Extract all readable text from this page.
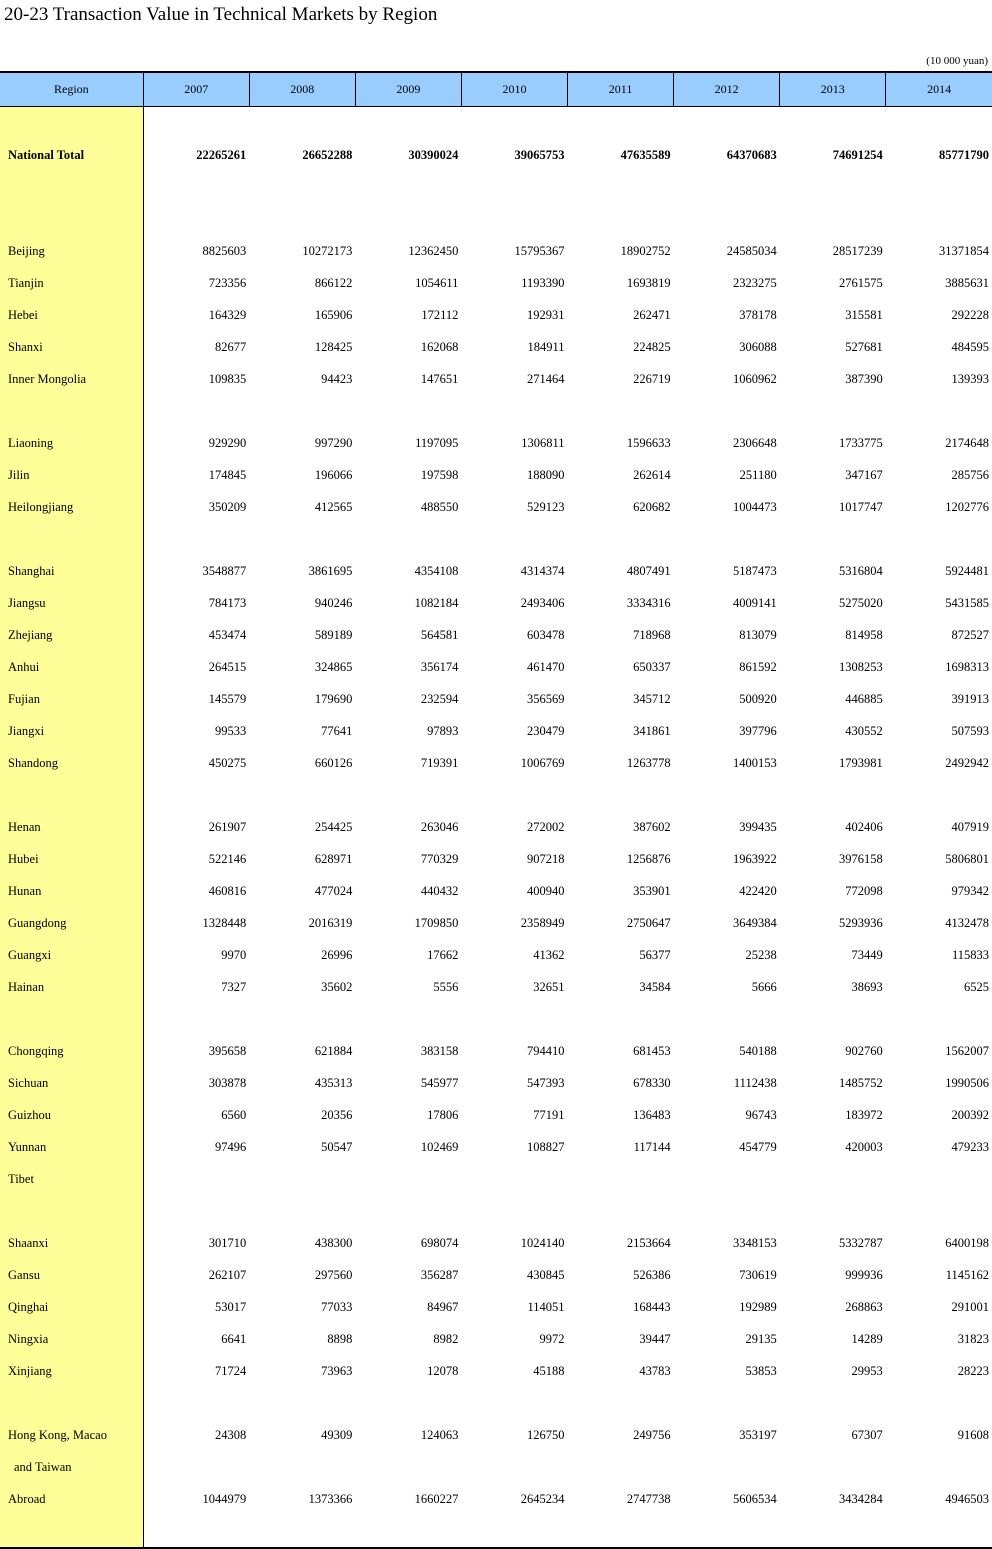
20-23 Transaction Value in Technical Markets by Region
(10 000 yuan)
Region	2007	2008	2009	2010	2011	2012	2013	2014

National Total	22265261	26652288	30390024	39065753	47635589	64370683	74691254	85771790

Beijing	8825603	10272173	12362450	15795367	18902752	24585034	28517239	31371854
Tianjin	723356	866122	1054611	1193390	1693819	2323275	2761575	3885631
Hebei	164329	165906	172112	192931	262471	378178	315581	292228
Shanxi	82677	128425	162068	184911	224825	306088	527681	484595
Inner Mongolia	109835	94423	147651	271464	226719	1060962	387390	139393

Liaoning	929290	997290	1197095	1306811	1596633	2306648	1733775	2174648
Jilin	174845	196066	197598	188090	262614	251180	347167	285756
Heilongjiang	350209	412565	488550	529123	620682	1004473	1017747	1202776

Shanghai	3548877	3861695	4354108	4314374	4807491	5187473	5316804	5924481
Jiangsu	784173	940246	1082184	2493406	3334316	4009141	5275020	5431585
Zhejiang	453474	589189	564581	603478	718968	813079	814958	872527
Anhui	264515	324865	356174	461470	650337	861592	1308253	1698313
Fujian	145579	179690	232594	356569	345712	500920	446885	391913
Jiangxi	99533	77641	97893	230479	341861	397796	430552	507593
Shandong	450275	660126	719391	1006769	1263778	1400153	1793981	2492942

Henan	261907	254425	263046	272002	387602	399435	402406	407919
Hubei	522146	628971	770329	907218	1256876	1963922	3976158	5806801
Hunan	460816	477024	440432	400940	353901	422420	772098	979342
Guangdong	1328448	2016319	1709850	2358949	2750647	3649384	5293936	4132478
Guangxi	9970	26996	17662	41362	56377	25238	73449	115833
Hainan	7327	35602	5556	32651	34584	5666	38693	6525

Chongqing	395658	621884	383158	794410	681453	540188	902760	1562007
Sichuan	303878	435313	545977	547393	678330	1112438	1485752	1990506
Guizhou	6560	20356	17806	77191	136483	96743	183972	200392
Yunnan	97496	50547	102469	108827	117144	454779	420003	479233
Tibet								

Shaanxi	301710	438300	698074	1024140	2153664	3348153	5332787	6400198
Gansu	262107	297560	356287	430845	526386	730619	999936	1145162
Qinghai	53017	77033	84967	114051	168443	192989	268863	291001
Ningxia	6641	8898	8982	9972	39447	29135	14289	31823
Xinjiang	71724	73963	12078	45188	43783	53853	29953	28223

Hong Kong, Macao	24308	49309	124063	126750	249756	353197	67307	91608
and Taiwan								
Abroad	1044979	1373366	1660227	2645234	2747738	5606534	3434284	4946503
